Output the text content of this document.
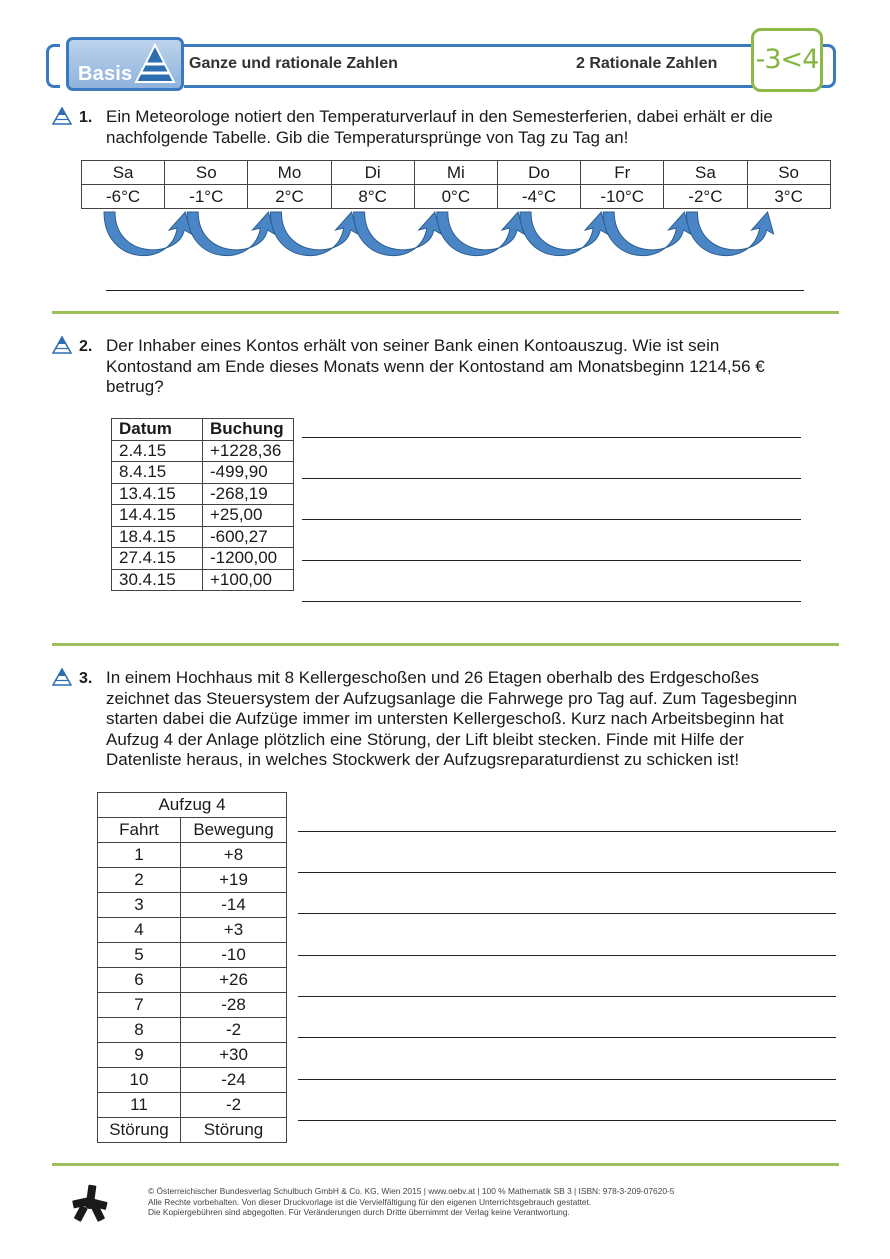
Basis	Ganze und rationale Zahlen	2 Rationale Zahlen -3<4
1. Ein Meteorologe notiert den Temperaturverlauf in den Semesterferien, dabei erhält er die
nachfolgende Tabelle. Gib die Temperatursprünge von Tag zu Tag an!
Sa	So	Mo	Di	Mi	Do	Fr	Sa	So
-6°C	-1°C	2°C	8°C	0°C	-4°C	-10°C	-2°C	3°C
2. Der Inhaber eines Kontos erhält von seiner Bank einen Kontoauszug. Wie ist sein
Kontostand am Ende dieses Monats wenn der Kontostand am Monatsbeginn 1214,56 €
betrug?
Datum	Buchung
2.4.15	+1228,36
8.4.15	-499,90
13.4.15	-268,19
14.4.15	+25,00
18.4.15	-600,27
27.4.15	-1200,00
30.4.15	+100,00
3. In einem Hochhaus mit 8 Kellergeschoßen und 26 Etagen oberhalb des Erdgeschoßes
zeichnet das Steuersystem der Aufzugsanlage die Fahrwege pro Tag auf. Zum Tagesbeginn
starten dabei die Aufzüge immer im untersten Kellergeschoß. Kurz nach Arbeitsbeginn hat
Aufzug 4 der Anlage plötzlich eine Störung, der Lift bleibt stecken. Finde mit Hilfe der
Datenliste heraus, in welches Stockwerk der Aufzugsreparaturdienst zu schicken ist!
Aufzug 4	
Fahrt	Bewegung
1	+8
2	+19
3	-14
4	+3
5	-10
6	+26
7	-28
8	-2
9	+30
10	-24
11	-2
Störung	Störung
© Österreichischer Bundesverlag Schulbuch GmbH & Co. KG, Wien 2015 | www.oebv.at | 100 % Mathematik SB 3 | ISBN: 978-3-209-07620-5
Alle Rechte vorbehalten. Von dieser Druckvorlage ist die Vervielfältigung für den eigenen Unterrichtsgebrauch gestattet.
Die Kopiergebühren sind abgegolten. Für Veränderungen durch Dritte übernimmt der Verlag keine Verantwortung.
